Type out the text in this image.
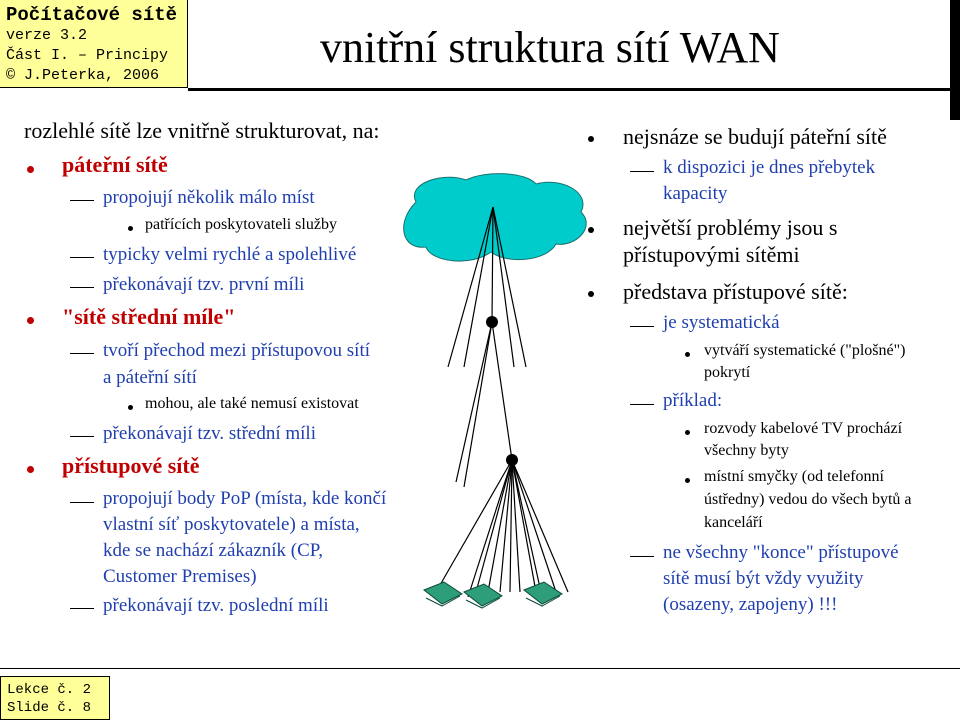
Počítačové sítě
verze 3.2
Část I. – Principy
© J.Peterka, 2006
vnitřní struktura sítí WAN
Lekce č. 2
Slide č. 8
rozlehlé sítě lze vnitřně strukturovat, na:
páteřní sítě
propojují několik málo míst
patřících poskytovateli služby
typicky velmi rychlé a spolehlivé
překonávají tzv. první míli
"sítě střední míle"
tvoří přechod mezi přístupovou sítí
a páteřní sítí
mohou, ale také nemusí existovat
překonávají tzv. střední míli
přístupové sítě
propojují body PoP (místa, kde končí
vlastní síť poskytovatele) a místa,
kde se nachází zákazník (CP,
Customer Premises)
překonávají tzv. poslední míli
nejsnáze se budují páteřní sítě
k dispozici je dnes přebytek
kapacity
největší problémy jsou s
přístupovými sítěmi
představa přístupové sítě:
je systematická
vytváří systematické ("plošné")
pokrytí
příklad:
rozvody kabelové TV prochází
všechny byty
místní smyčky (od telefonní
ústředny) vedou do všech bytů a
kanceláří
ne všechny "konce" přístupové
sítě musí být vždy využity
(osazeny, zapojeny) !!!
